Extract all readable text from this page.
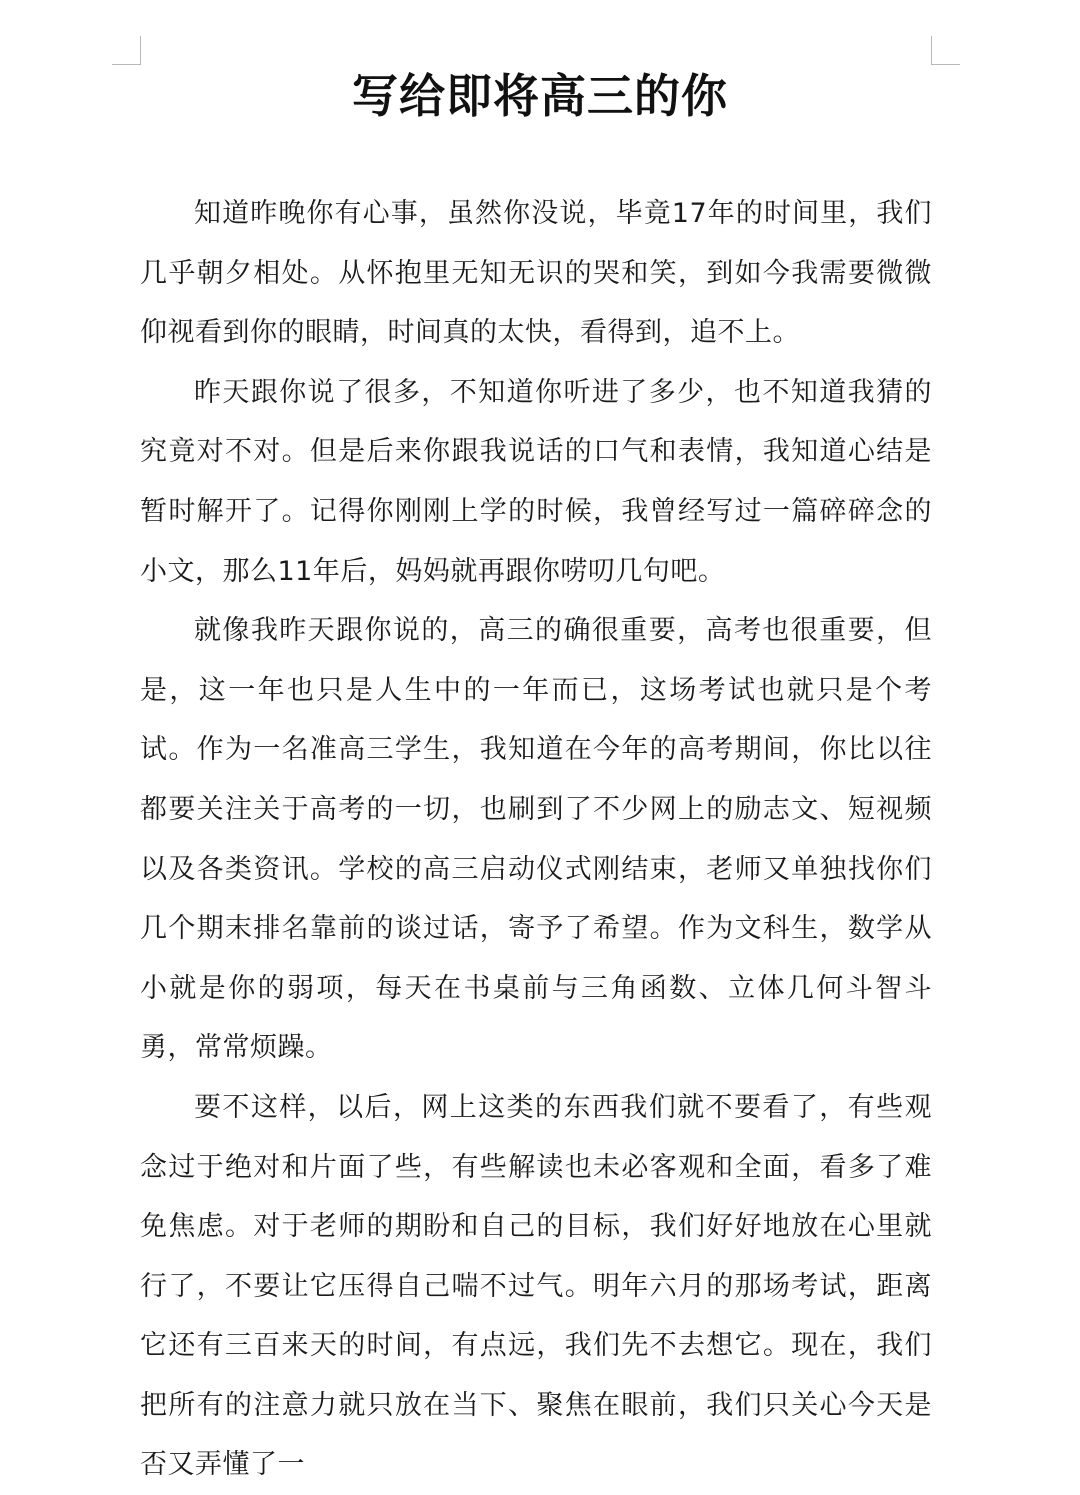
写给即将高三的你

知道昨晚你有心事，虽然你没说，毕竟17年的时间里，我们几乎朝夕相处。从怀抱里无知无识的哭和笑，到如今我需要微微仰视看到你的眼睛，时间真的太快，看得到，追不上。

昨天跟你说了很多，不知道你听进了多少，也不知道我猜的究竟对不对。但是后来你跟我说话的口气和表情，我知道心结是暂时解开了。记得你刚刚上学的时候，我曾经写过一篇碎碎念的小文，那么11年后，妈妈就再跟你唠叨几句吧。

就像我昨天跟你说的，高三的确很重要，高考也很重要，但是，这一年也只是人生中的一年而已，这场考试也就只是个考试。作为一名准高三学生，我知道在今年的高考期间，你比以往都要关注关于高考的一切，也刷到了不少网上的励志文、短视频以及各类资讯。学校的高三启动仪式刚结束，老师又单独找你们几个期末排名靠前的谈过话，寄予了希望。作为文科生，数学从小就是你的弱项，每天在书桌前与三角函数、立体几何斗智斗勇，常常烦躁。

要不这样，以后，网上这类的东西我们就不要看了，有些观念过于绝对和片面了些，有些解读也未必客观和全面，看多了难免焦虑。对于老师的期盼和自己的目标，我们好好地放在心里就行了，不要让它压得自己喘不过气。明年六月的那场考试，距离它还有三百来天的时间，有点远，我们先不去想它。现在，我们把所有的注意力就只放在当下、聚焦在眼前，我们只关心今天是否又弄懂了一
